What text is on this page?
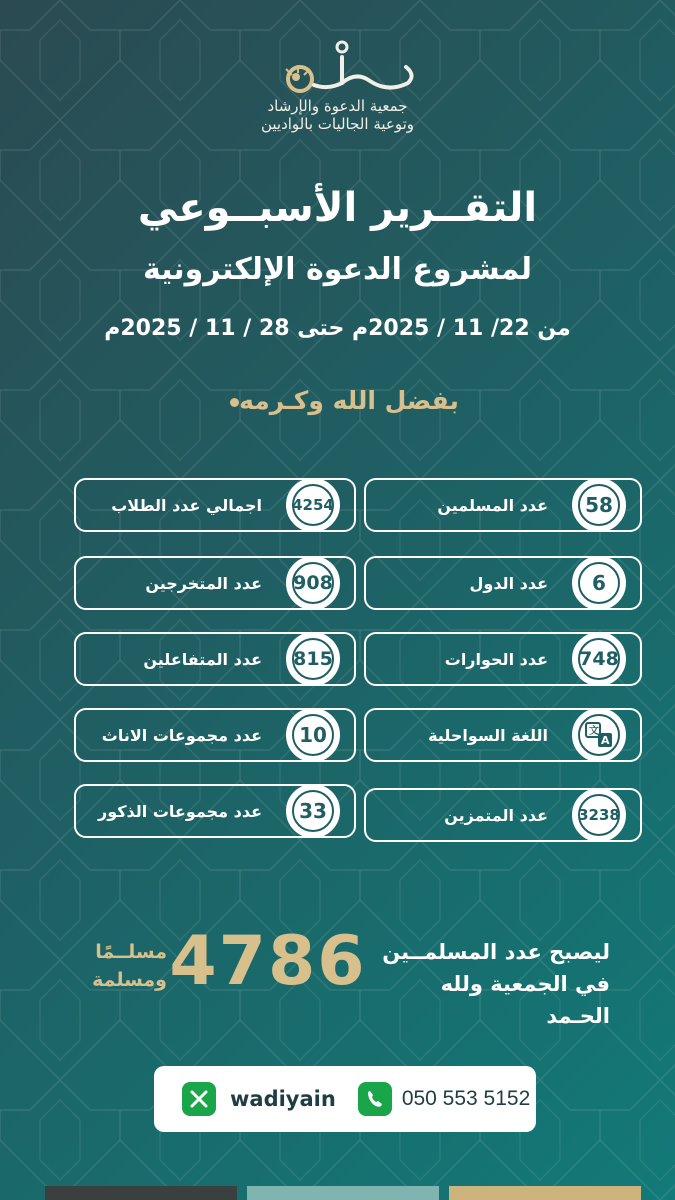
جمعية الدعوة والإرشاد
وتوعية الجاليات بالواديين
التقــرير الأسبــوعي
لمشروع الدعوة الإلكترونية
من 22/ 11 / 2025م حتى 28 / 11 / 2025م
بفضل الله وكـرمه
58
عدد المسلمين
6
عدد الدول
748
عدد الحوارات
文
A
اللغة السواحلية
3238
عدد المتمزين
4254
اجمالي عدد الطلاب
908
عدد المتخرجين
815
عدد المتفاعلين
10
عدد مجموعات الاناث
33
عدد مجموعات الذكور
مسلــمًا
ومسلمة 4786 ليصبح عدد المسلمــين
في الجمعية ولله الحـمد
wadiyain	050 553 5152
